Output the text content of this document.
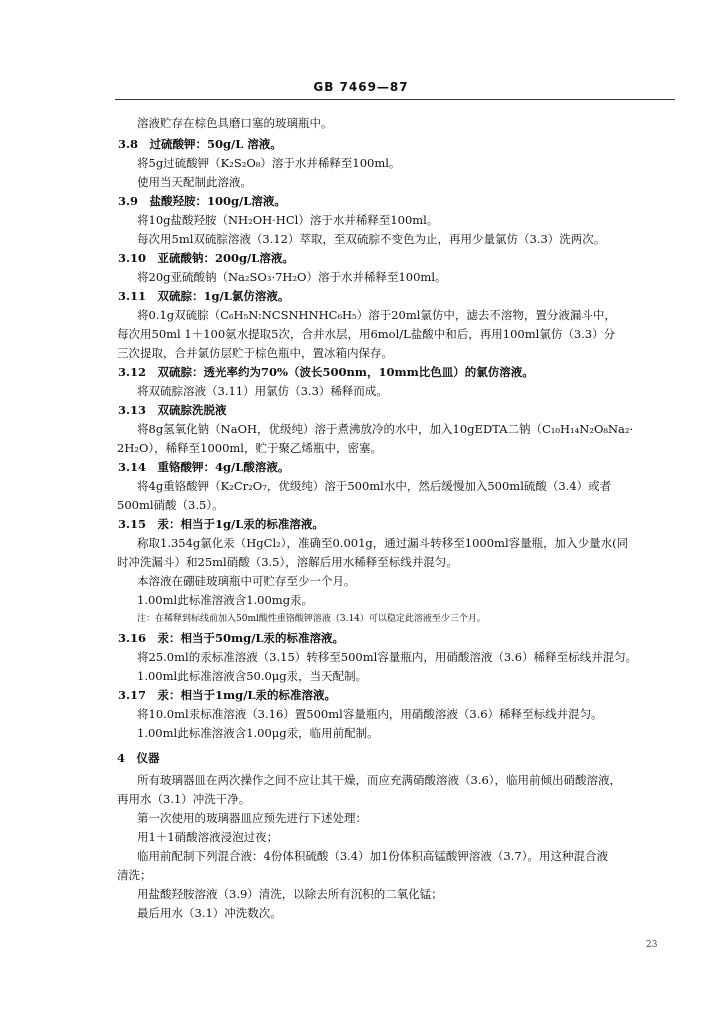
GB 7469—87
溶液贮存在棕色具磨口塞的玻璃瓶中。
3.8　过硫酸钾：50g/L 溶液。
将5g过硫酸钾（K₂S₂O₈）溶于水并稀释至100ml。
使用当天配制此溶液。
3.9　盐酸羟胺：100g/L溶液。
将10g盐酸羟胺（NH₂OH·HCl）溶于水并稀释至100ml。
每次用5ml双硫腙溶液（3.12）萃取，至双硫腙不变色为止，再用少量氯仿（3.3）洗两次。
3.10　亚硫酸钠：200g/L溶液。
将20g亚硫酸钠（Na₂SO₃·7H₂O）溶于水并稀释至100ml。
3.11　双硫腙：1g/L氯仿溶液。
将0.1g双硫腙（C₆H₅N:NCSNHNHC₆H₅）溶于20ml氯仿中，滤去不溶物，置分液漏斗中，
每次用50ml 1＋100氨水提取5次，合并水层，用6mol/L盐酸中和后，再用100ml氯仿（3.3）分
三次提取，合并氯仿层贮于棕色瓶中，置冰箱内保存。
3.12　双硫腙：透光率约为70%（波长500nm，10mm比色皿）的氯仿溶液。
将双硫腙溶液（3.11）用氯仿（3.3）稀释而成。
3.13　双硫腙洗脱液
将8g氢氧化钠（NaOH，优级纯）溶于煮沸放冷的水中，加入10gEDTA二钠（C₁₀H₁₄N₂O₈Na₂·
2H₂O），稀释至1000ml，贮于聚乙烯瓶中，密塞。
3.14　重铬酸钾：4g/L酸溶液。
将4g重铬酸钾（K₂Cr₂O₇，优级纯）溶于500ml水中，然后缓慢加入500ml硫酸（3.4）或者
500ml硝酸（3.5）。
3.15　汞：相当于1g/L汞的标准溶液。
称取1.354g氯化汞（HgCl₂），准确至0.001g，通过漏斗转移至1000ml容量瓶，加入少量水(同
时冲洗漏斗）和25ml硝酸（3.5），溶解后用水稀释至标线并混匀。
本溶液在硼硅玻璃瓶中可贮存至少一个月。
1.00ml此标准溶液含1.00mg汞。
注：在稀释到标线前加入50ml酸性重铬酸钾溶液（3.14）可以稳定此溶液至少三个月。
3.16　汞：相当于50mg/L汞的标准溶液。
将25.0ml的汞标准溶液（3.15）转移至500ml容量瓶内，用硝酸溶液（3.6）稀释至标线并混匀。
1.00ml此标准溶液含50.0μg汞，当天配制。
3.17　汞：相当于1mg/L汞的标准溶液。
将10.0ml汞标准溶液（3.16）置500ml容量瓶内，用硝酸溶液（3.6）稀释至标线并混匀。
1.00ml此标准溶液含1.00μg汞，临用前配制。
4　仪器
所有玻璃器皿在两次操作之间不应让其干燥，而应充满硝酸溶液（3.6），临用前倾出硝酸溶液，
再用水（3.1）冲洗干净。
第一次使用的玻璃器皿应预先进行下述处理：
用1＋1硝酸溶液浸泡过夜；
临用前配制下列混合液：4份体积硫酸（3.4）加1份体积高锰酸钾溶液（3.7）。用这种混合液
清洗；
用盐酸羟胺溶液（3.9）清洗，以除去所有沉积的二氧化锰；
最后用水（3.1）冲洗数次。
23
